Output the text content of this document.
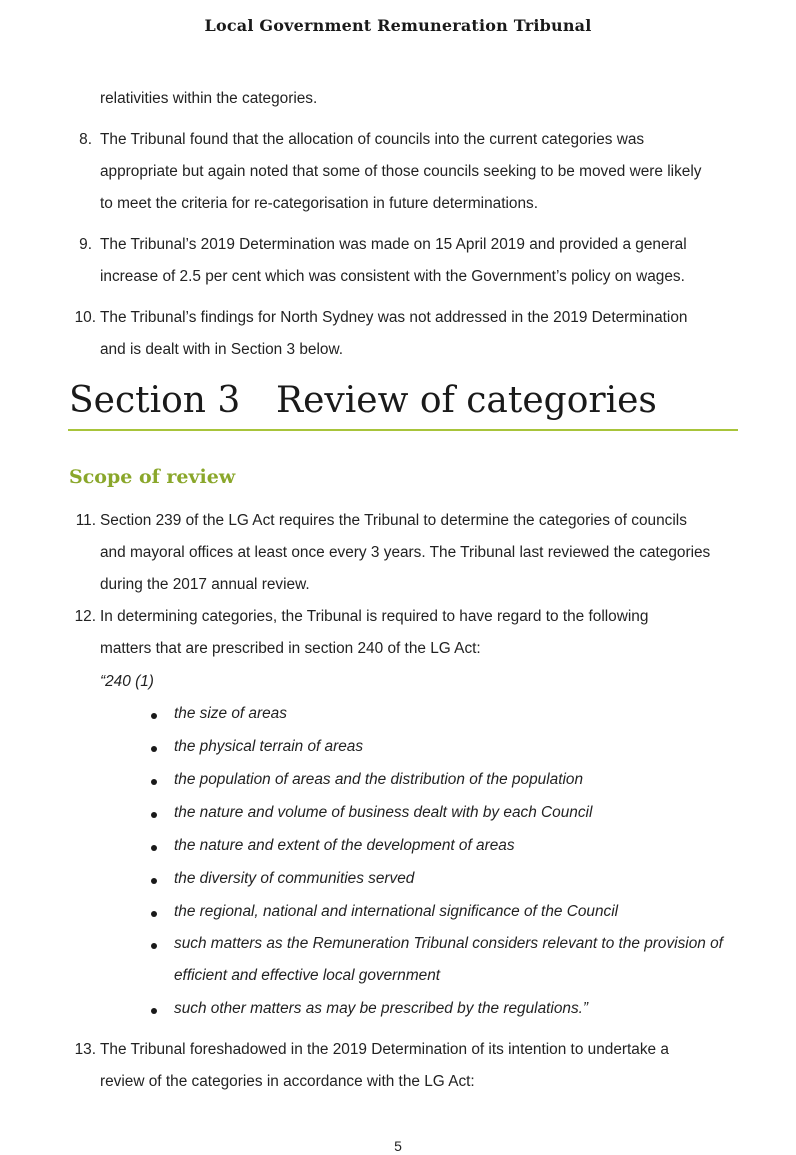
Local Government Remuneration Tribunal
relativities within the categories.
8. The Tribunal found that the allocation of councils into the current categories was
appropriate but again noted that some of those councils seeking to be moved were likely
to meet the criteria for re-categorisation in future determinations.
9. The Tribunal’s 2019 Determination was made on 15 April 2019 and provided a general
increase of 2.5 per cent which was consistent with the Government’s policy on wages.
10. The Tribunal’s findings for North Sydney was not addressed in the 2019 Determination
and is dealt with in Section 3 below.
Section 3 Review of categories
Scope of review
11. Section 239 of the LG Act requires the Tribunal to determine the categories of councils
and mayoral offices at least once every 3 years. The Tribunal last reviewed the categories
during the 2017 annual review.
12. In determining categories, the Tribunal is required to have regard to the following
matters that are prescribed in section 240 of the LG Act:
“240 (1)
the size of areas
the physical terrain of areas
the population of areas and the distribution of the population
the nature and volume of business dealt with by each Council
the nature and extent of the development of areas
the diversity of communities served
the regional, national and international significance of the Council
such matters as the Remuneration Tribunal considers relevant to the provision of
efficient and effective local government
such other matters as may be prescribed by the regulations.”
13. The Tribunal foreshadowed in the 2019 Determination of its intention to undertake a
review of the categories in accordance with the LG Act:
5
